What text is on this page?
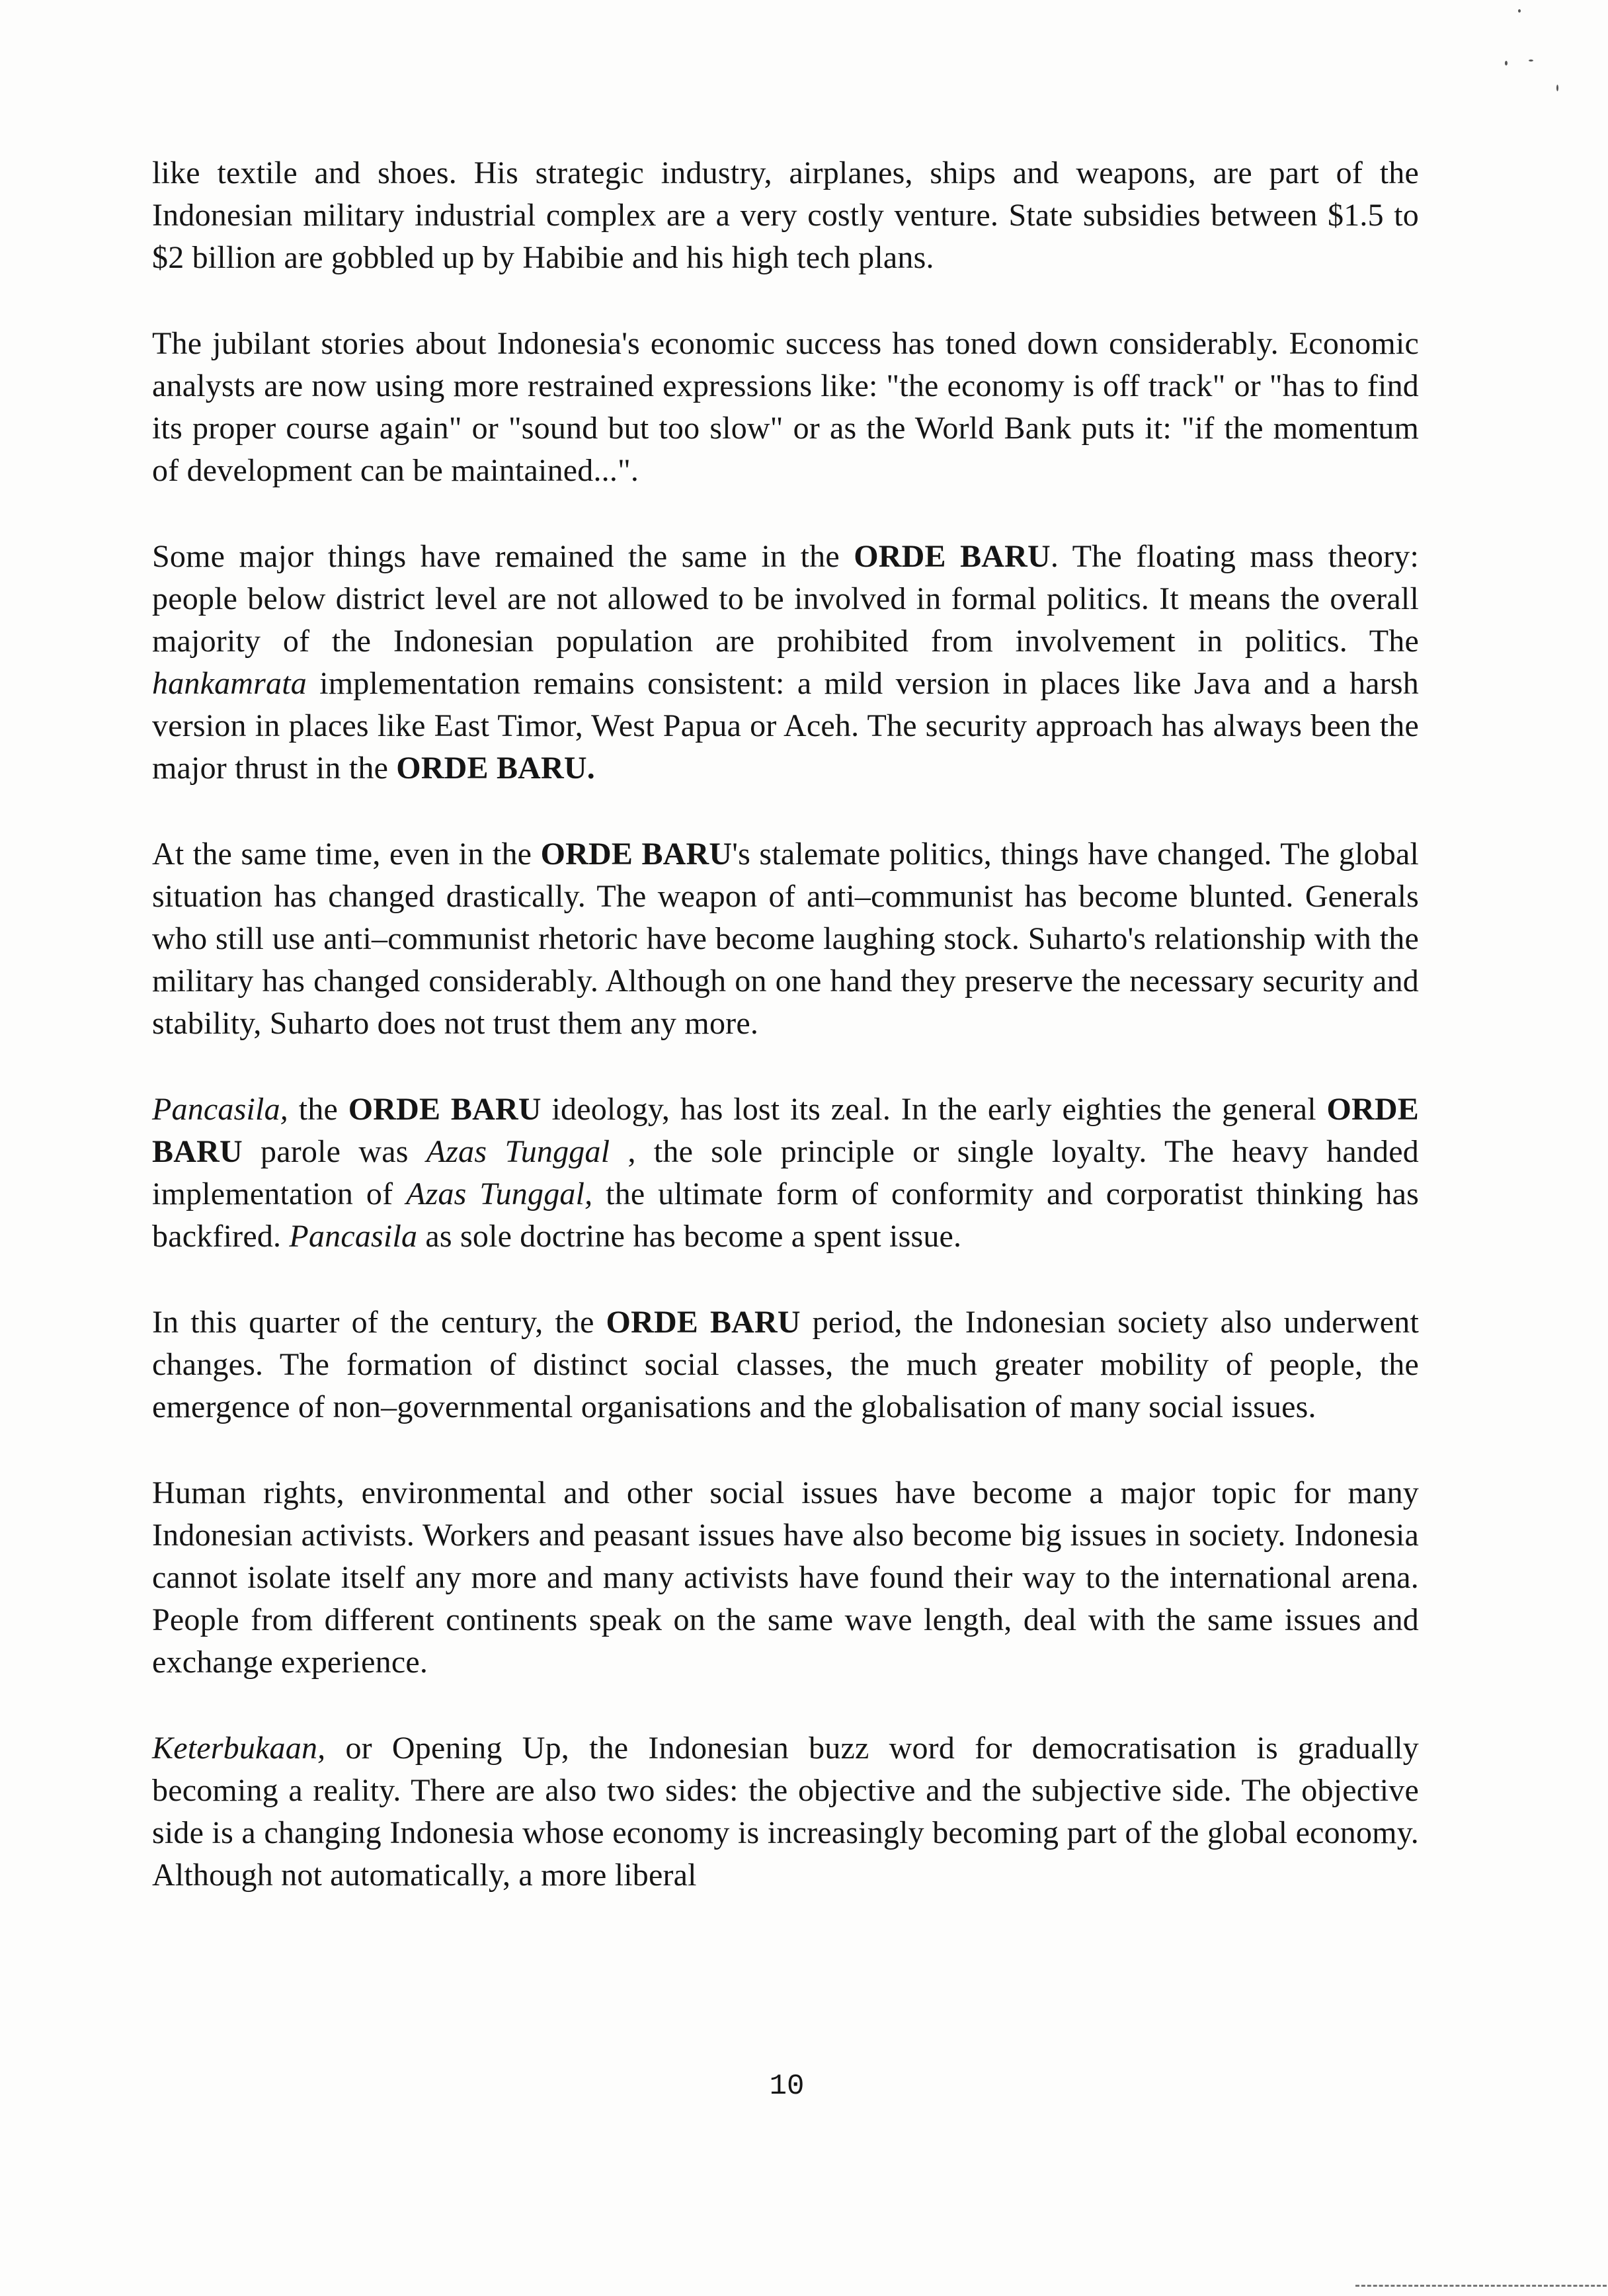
like textile and shoes. His strategic industry, airplanes, ships and weapons, are part of the Indonesian military industrial complex are a very costly venture. State subsidies between $1.5 to $2 billion are gobbled up by Habibie and his high tech plans.

The jubilant stories about Indonesia's economic success has toned down considerably. Economic analysts are now using more restrained expressions like: "the economy is off track" or "has to find its proper course again" or "sound but too slow" or as the World Bank puts it: "if the momentum of development can be maintained...".

Some major things have remained the same in the ORDE BARU. The floating mass theory: people below district level are not allowed to be involved in formal politics. It means the overall majority of the Indonesian population are prohibited from involvement in politics. The hankamrata implementation remains consistent: a mild version in places like Java and a harsh version in places like East Timor, West Papua or Aceh. The security approach has always been the major thrust in the ORDE BARU.

At the same time, even in the ORDE BARU's stalemate politics, things have changed. The global situation has changed drastically. The weapon of anti–communist has become blunted. Generals who still use anti–communist rhetoric have become laughing stock. Suharto's relationship with the military has changed considerably. Although on one hand they preserve the necessary security and stability, Suharto does not trust them any more.

Pancasila, the ORDE BARU ideology, has lost its zeal. In the early eighties the general ORDE BARU parole was Azas Tunggal , the sole principle or single loyalty. The heavy handed implementation of Azas Tunggal, the ultimate form of conformity and corporatist thinking has backfired. Pancasila as sole doctrine has become a spent issue.

In this quarter of the century, the ORDE BARU period, the Indonesian society also underwent changes. The formation of distinct social classes, the much greater mobility of people, the emergence of non–governmental organisations and the globalisation of many social issues.

Human rights, environmental and other social issues have become a major topic for many Indonesian activists. Workers and peasant issues have also become big issues in society. Indonesia cannot isolate itself any more and many activists have found their way to the international arena. People from different continents speak on the same wave length, deal with the same issues and exchange experience.

Keterbukaan, or Opening Up, the Indonesian buzz word for democratisation is gradually becoming a reality. There are also two sides: the objective and the subjective side. The objective side is a changing Indonesia whose economy is increasingly becoming part of the global economy. Although not automatically, a more liberal

10
